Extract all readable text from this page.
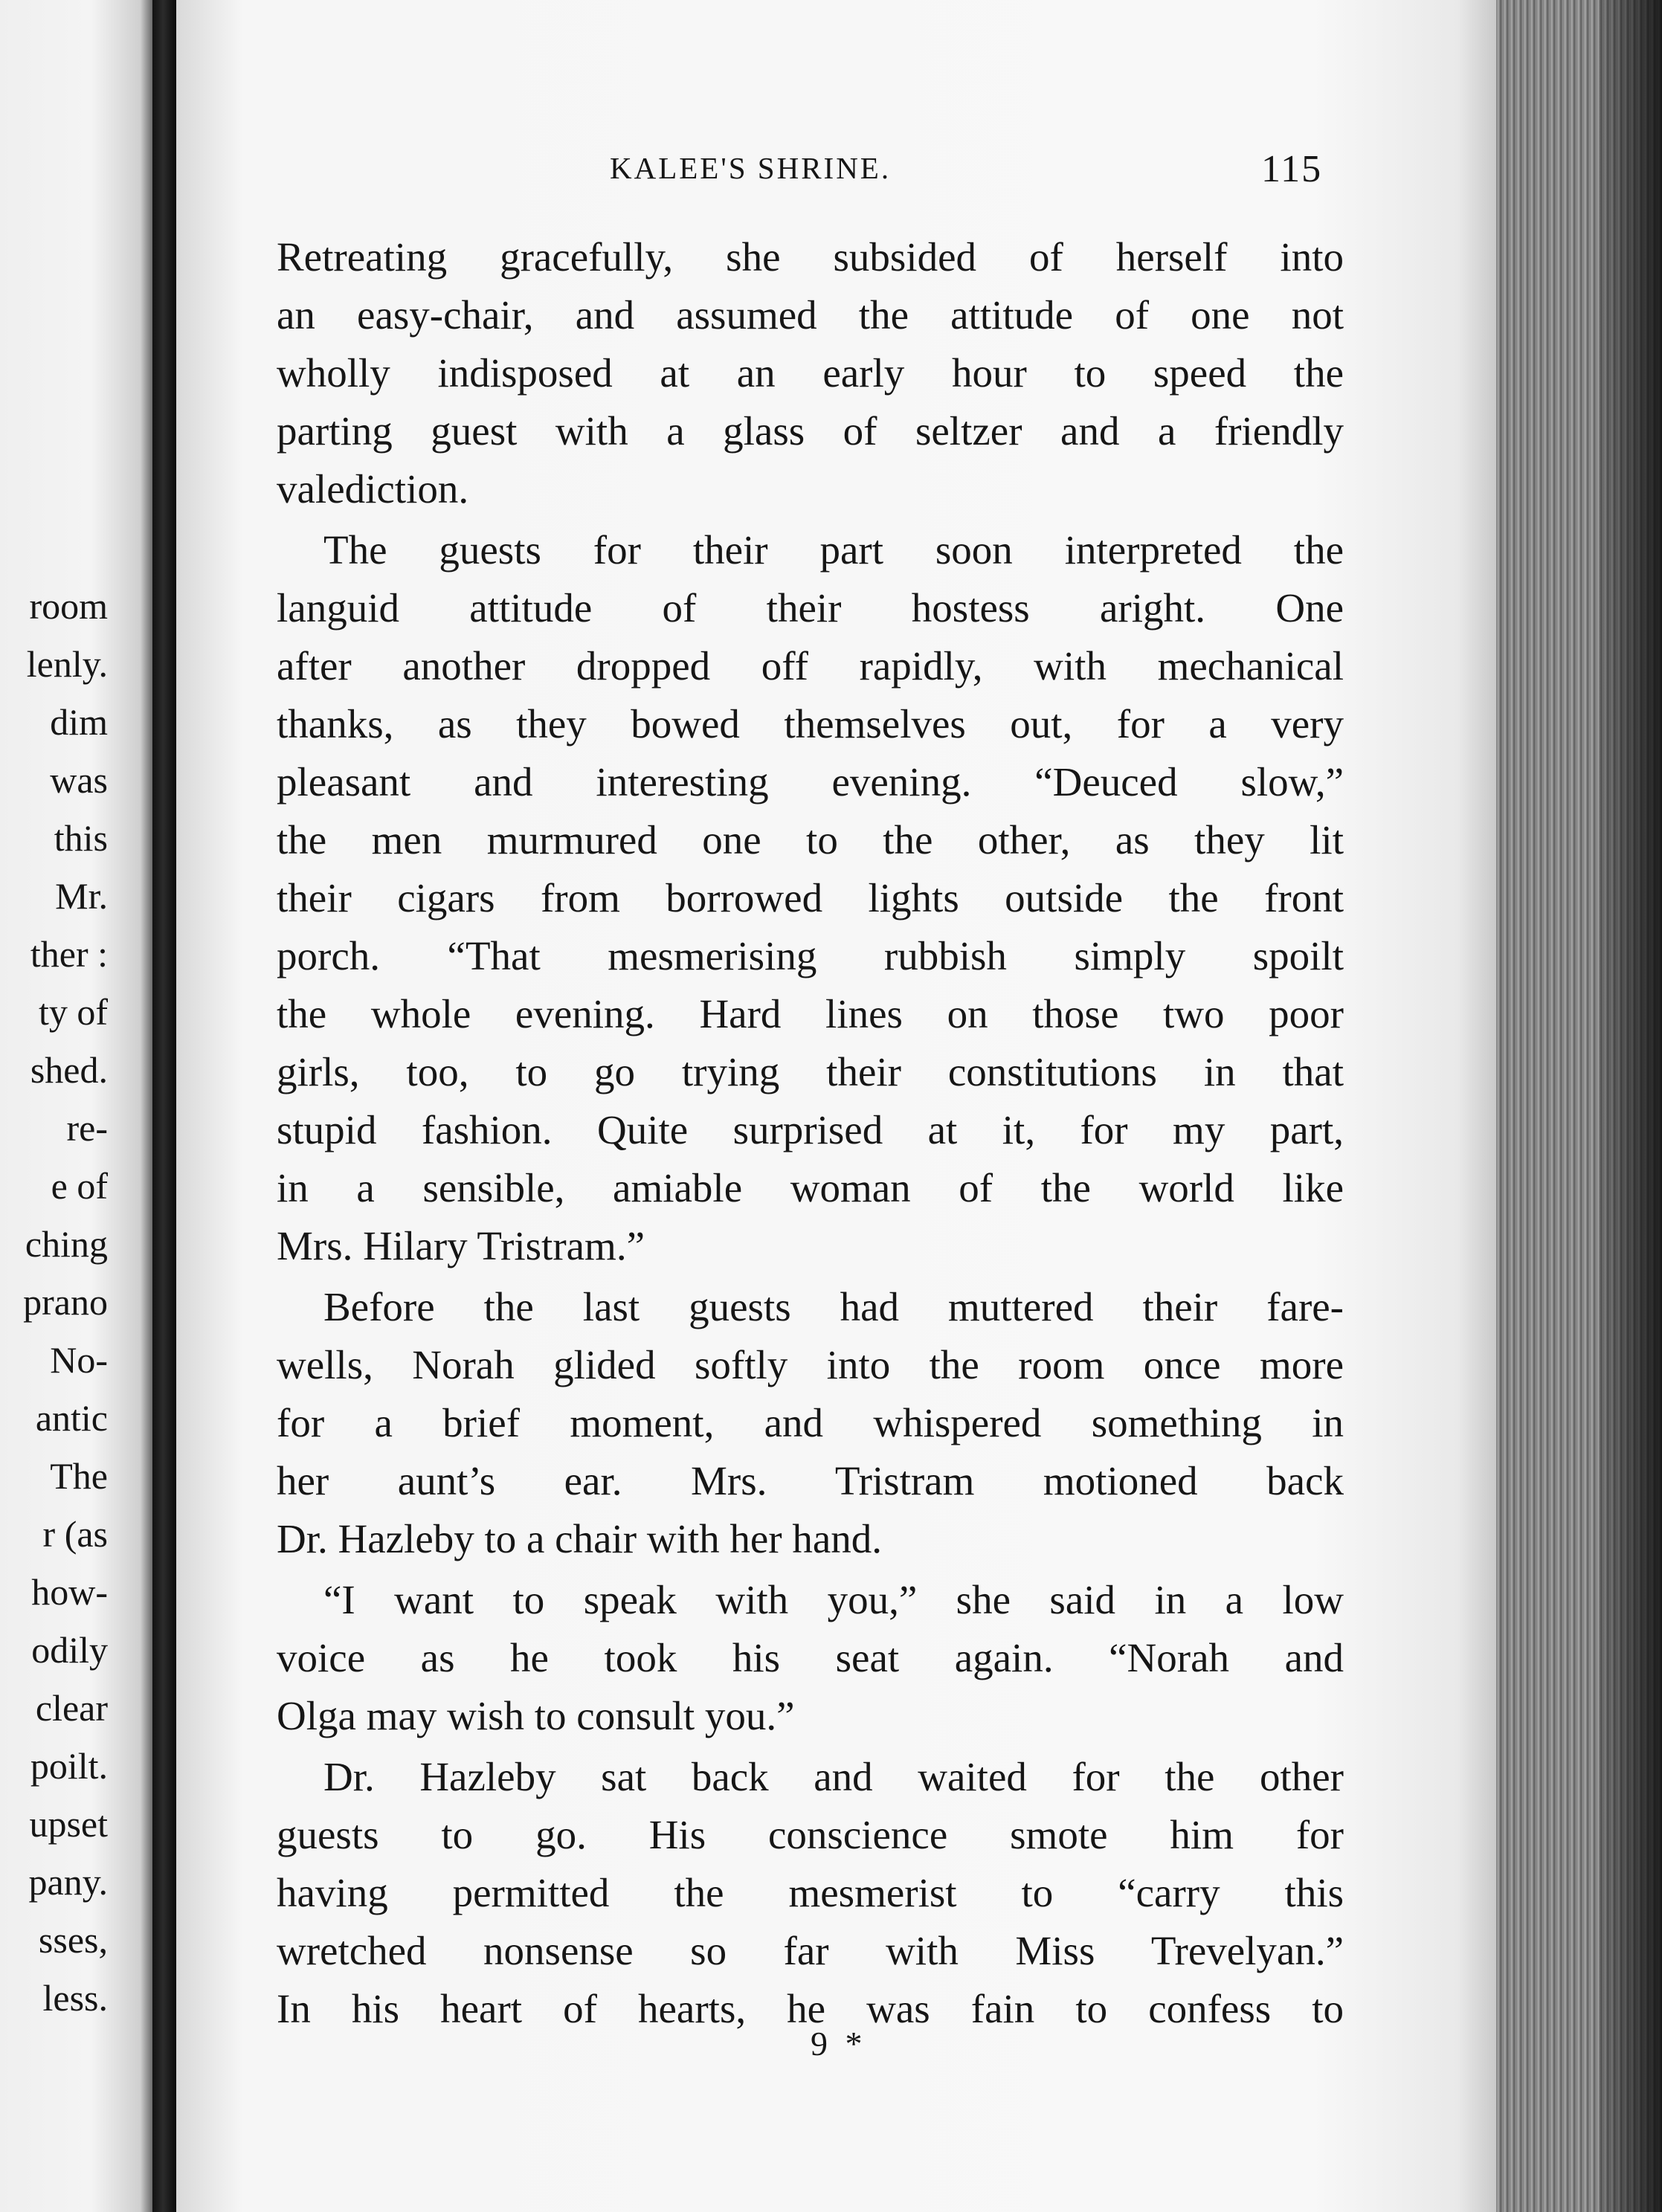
room

lenly.

dim

was

this

Mr.

ther :

ty of

shed.

re-

e of

ching

prano

No-

antic

The

r (as

how-

odily

clear

poilt.

upset

pany.

sses,

less.

KALEE'S SHRINE.	115

Retreating gracefully, she subsided of herself into

an easy-chair, and assumed the attitude of one not

wholly indisposed at an early hour to speed the

parting guest with a glass of seltzer and a friendly

valediction.

The guests for their part soon interpreted the

languid attitude of their hostess aright. One

after another dropped off rapidly, with mechanical

thanks, as they bowed themselves out, for a very

pleasant and interesting evening. “Deuced slow,”

the men murmured one to the other, as they lit

their cigars from borrowed lights outside the front

porch. “That mesmerising rubbish simply spoilt

the whole evening. Hard lines on those two poor

girls, too, to go trying their constitutions in that

stupid fashion. Quite surprised at it, for my part,

in a sensible, amiable woman of the world like

Mrs. Hilary Tristram.”

Before the last guests had muttered their fare-

wells, Norah glided softly into the room once more

for a brief moment, and whispered something in

her aunt’s ear. Mrs. Tristram motioned back

Dr. Hazleby to a chair with her hand.

“I want to speak with you,” she said in a low

voice as he took his seat again. “Norah and

Olga may wish to consult you.”

Dr. Hazleby sat back and waited for the other

guests to go. His conscience smote him for

having permitted the mesmerist to “carry this

wretched nonsense so far with Miss Trevelyan.”

In his heart of hearts, he was fain to confess to

9 *
